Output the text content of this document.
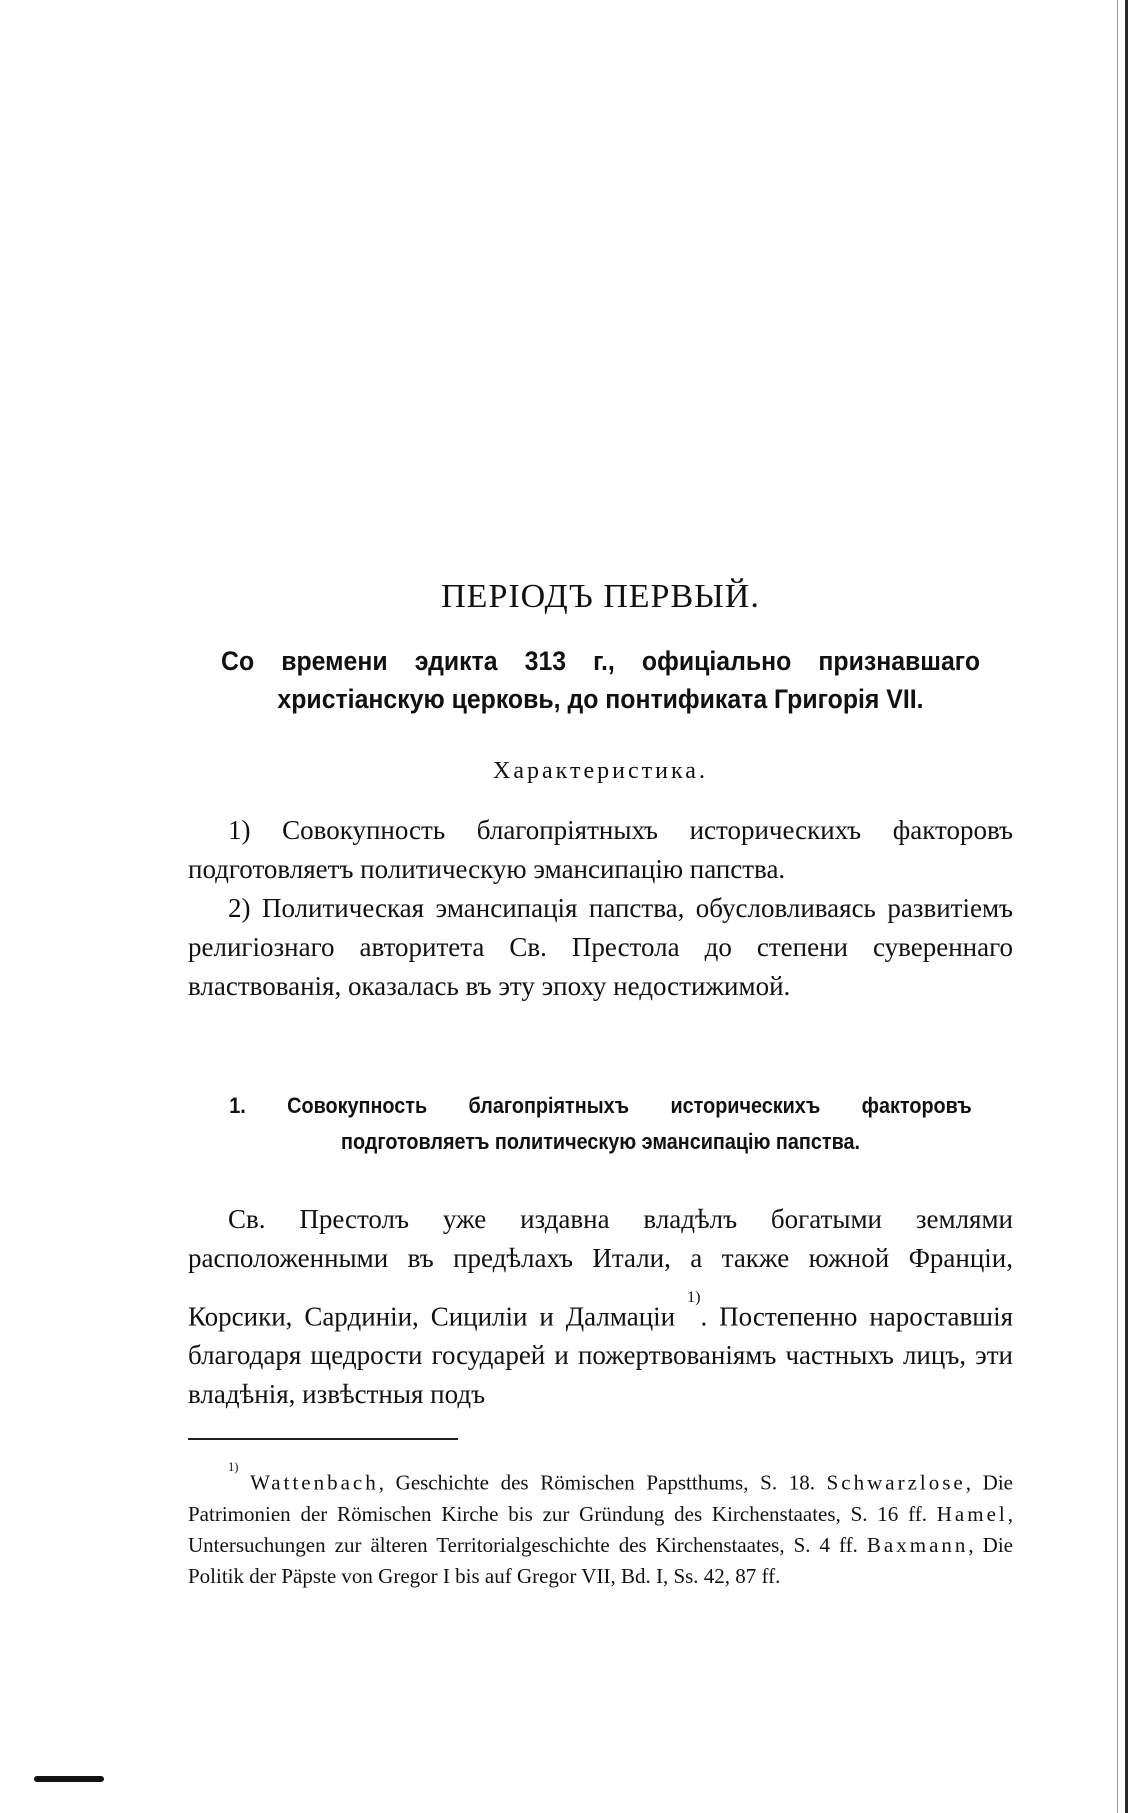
ПЕРІОДЪ ПЕРВЫЙ.
Со времени эдикта 313 г., офиціально признавшаго христіанскую церковь, до понтификата Григорія VII.
Характеристика.

1) Совокупность благопріятныхъ историческихъ факторовъ подготовляетъ политическую эмансипацію папства.

2) Политическая эмансипація папства, обусловливаясь развитіемъ религіознаго авторитета Св. Престола до степени сувереннаго властвованія, оказалась въ эту эпоху недостижимой.

1. Совокупность благопріятныхъ историческихъ факторовъ подготовляетъ политическую эмансипацію папства.

Св. Престолъ уже издавна владѣлъ богатыми землями расположенными въ предѣлахъ Итали, а также южной Франціи, Корсики, Сардиніи, Сициліи и Далмаціи $^{1)}$. Постепенно нароставшія благодаря щедрости государей и пожертвованіямъ частныхъ лицъ, эти владѣнія, извѣстныя подъ

$^{1)}$ Wattenbach, Geschichte des Römischen Papstthums, S. 18. Schwarzlose, Die Patrimonien der Römischen Kirche bis zur Gründung des Kirchenstaates, S. 16 ff. Hamel, Untersuchungen zur älteren Territorialgeschichte des Kirchenstaates, S. 4 ff. Baxmann, Die Politik der Päpste von Gregor I bis auf Gregor VII, Bd. I, Ss. 42, 87 ff.
